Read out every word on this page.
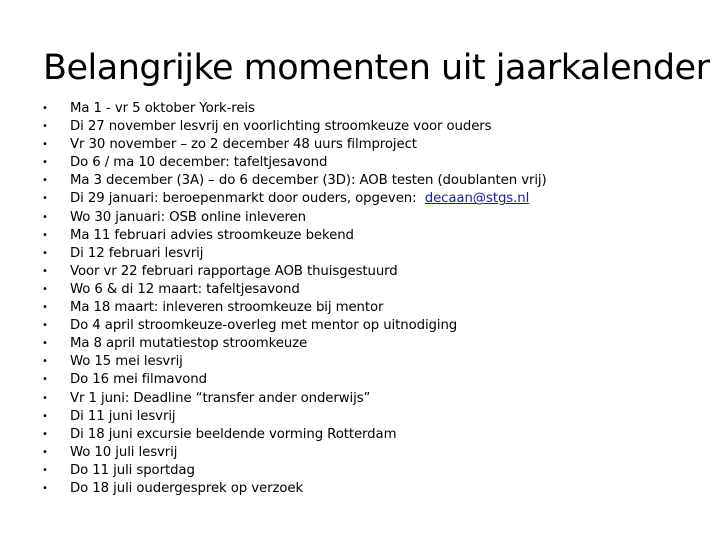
Belangrijke momenten uit jaarkalender
• Ma 1 - vr 5 oktober York-reis
• Di 27 november lesvrij en voorlichting stroomkeuze voor ouders
• Vr 30 november – zo 2 december 48 uurs filmproject
• Do 6 / ma 10 december: tafeltjesavond
• Ma 3 december (3A) – do 6 december (3D): AOB testen (doublanten vrij)
• Di 29 januari: beroepenmarkt door ouders, opgeven: decaan@stgs.nl
• Wo 30 januari: OSB online inleveren
• Ma 11 februari advies stroomkeuze bekend
• Di 12 februari lesvrij
• Voor vr 22 februari rapportage AOB thuisgestuurd
• Wo 6 & di 12 maart: tafeltjesavond
• Ma 18 maart: inleveren stroomkeuze bij mentor
• Do 4 april stroomkeuze-overleg met mentor op uitnodiging
• Ma 8 april mutatiestop stroomkeuze
• Wo 15 mei lesvrij
• Do 16 mei filmavond
• Vr 1 juni: Deadline “transfer ander onderwijs”
• Di 11 juni lesvrij
• Di 18 juni excursie beeldende vorming Rotterdam
• Wo 10 juli lesvrij
• Do 11 juli sportdag
• Do 18 juli oudergesprek op verzoek
